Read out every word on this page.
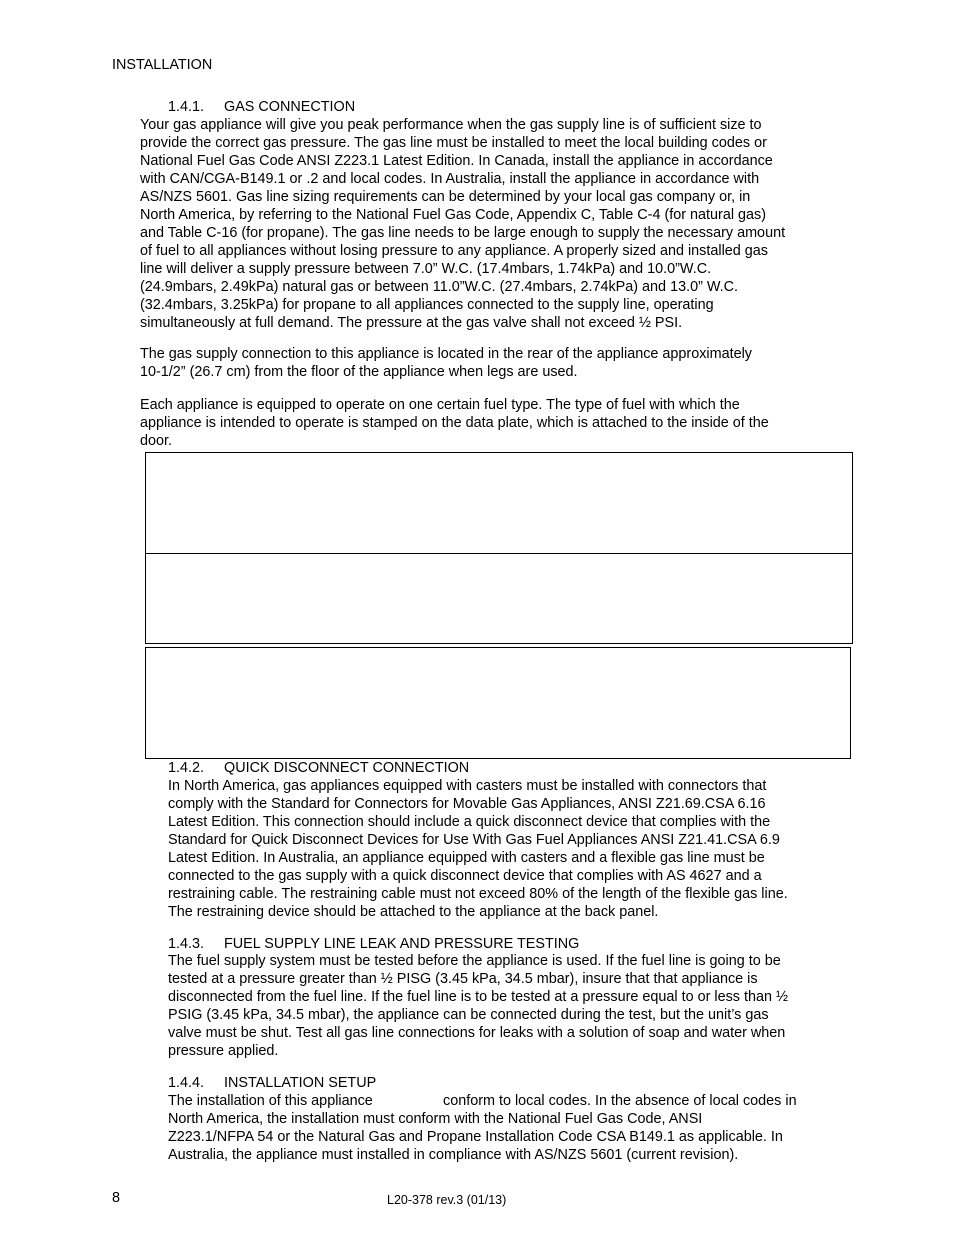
INSTALLATION
1.4.1. GAS CONNECTION

Your gas appliance will give you peak performance when the gas supply line is of sufficient size to
provide the correct gas pressure. The gas line must be installed to meet the local building codes or
National Fuel Gas Code ANSI Z223.1 Latest Edition. In Canada, install the appliance in accordance
with CAN/CGA-B149.1 or .2 and local codes. In Australia, install the appliance in accordance with
AS/NZS 5601. Gas line sizing requirements can be determined by your local gas company or, in
North America, by referring to the National Fuel Gas Code, Appendix C, Table C-4 (for natural gas)
and Table C-16 (for propane). The gas line needs to be large enough to supply the necessary amount
of fuel to all appliances without losing pressure to any appliance. A properly sized and installed gas
line will deliver a supply pressure between 7.0” W.C. (17.4mbars, 1.74kPa) and 10.0”W.C.
(24.9mbars, 2.49kPa) natural gas or between 11.0”W.C. (27.4mbars, 2.74kPa) and 13.0” W.C.
(32.4mbars, 3.25kPa) for propane to all appliances connected to the supply line, operating
simultaneously at full demand. The pressure at the gas valve shall not exceed ½ PSI.

The gas supply connection to this appliance is located in the rear of the appliance approximately
10-1/2” (26.7 cm) from the floor of the appliance when legs are used.

Each appliance is equipped to operate on one certain fuel type. The type of fuel with which the
appliance is intended to operate is stamped on the data plate, which is attached to the inside of the
door.

1.4.2. QUICK DISCONNECT CONNECTION

In North America, gas appliances equipped with casters must be installed with connectors that
comply with the Standard for Connectors for Movable Gas Appliances, ANSI Z21.69.CSA 6.16
Latest Edition. This connection should include a quick disconnect device that complies with the
Standard for Quick Disconnect Devices for Use With Gas Fuel Appliances ANSI Z21.41.CSA 6.9
Latest Edition. In Australia, an appliance equipped with casters and a flexible gas line must be
connected to the gas supply with a quick disconnect device that complies with AS 4627 and a
restraining cable. The restraining cable must not exceed 80% of the length of the flexible gas line.
The restraining device should be attached to the appliance at the back panel.

1.4.3. FUEL SUPPLY LINE LEAK AND PRESSURE TESTING

The fuel supply system must be tested before the appliance is used. If the fuel line is going to be
tested at a pressure greater than ½ PISG (3.45 kPa, 34.5 mbar), insure that that appliance is
disconnected from the fuel line. If the fuel line is to be tested at a pressure equal to or less than ½
PSIG (3.45 kPa, 34.5 mbar), the appliance can be connected during the test, but the unit’s gas
valve must be shut. Test all gas line connections for leaks with a solution of soap and water when
pressure applied.

1.4.4. INSTALLATION SETUP
The installation of this appliance	conform to local codes. In the absence of local codes in

North America, the installation must conform with the National Fuel Gas Code, ANSI
Z223.1/NFPA 54 or the Natural Gas and Propane Installation Code CSA B149.1 as applicable. In
Australia, the appliance must installed in compliance with AS/NZS 5601 (current revision).

8	L20-378 rev.3 (01/13)
